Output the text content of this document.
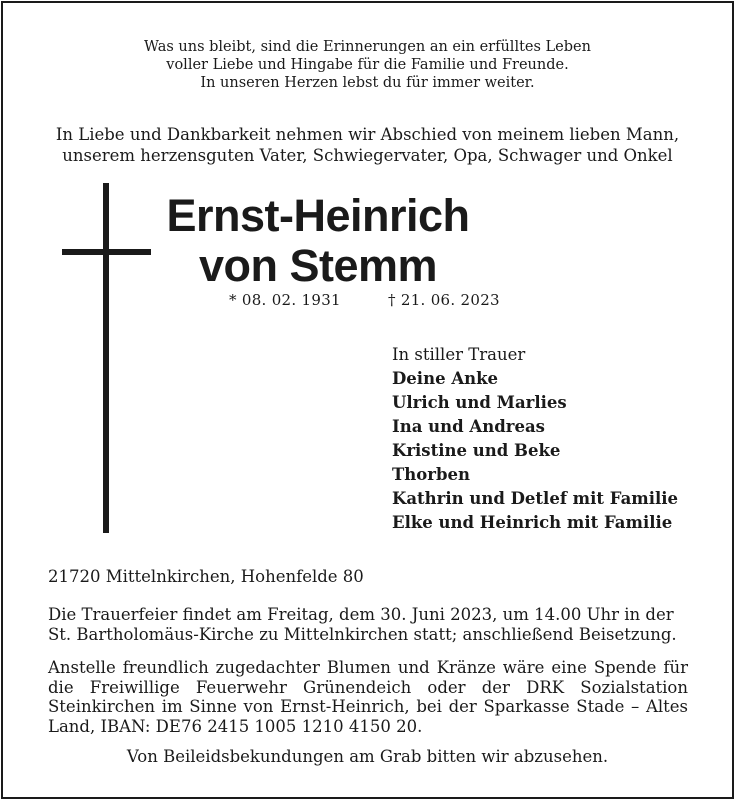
Was uns bleibt, sind die Erinnerungen an ein erfülltes Leben
voller Liebe und Hingabe für die Familie und Freunde.
In unseren Herzen lebst du für immer weiter.
In Liebe und Dankbarkeit nehmen wir Abschied von meinem lieben Mann,
unserem herzensguten Vater, Schwiegervater, Opa, Schwager und Onkel
Ernst-Heinrich
von Stemm
* 08. 02. 1931	† 21. 06. 2023
In stiller Trauer
Deine Anke
Ulrich und Marlies
Ina und Andreas
Kristine und Beke
Thorben
Kathrin und Detlef mit Familie
Elke und Heinrich mit Familie
21720 Mittelnkirchen, Hohenfelde 80
Die Trauerfeier findet am Freitag, dem 30. Juni 2023, um 14.00 Uhr in der
St. Bartholomäus-Kirche zu Mittelnkirchen statt; anschließend Beisetzung.
Anstelle freundlich zugedachter Blumen und Kränze wäre eine Spende für
die Freiwillige Feuerwehr Grünendeich oder der DRK Sozialstation
Steinkirchen im Sinne von Ernst-Heinrich, bei der Sparkasse Stade – Altes
Land, IBAN: DE76 2415 1005 1210 4150 20.
Von Beileidsbekundungen am Grab bitten wir abzusehen.
